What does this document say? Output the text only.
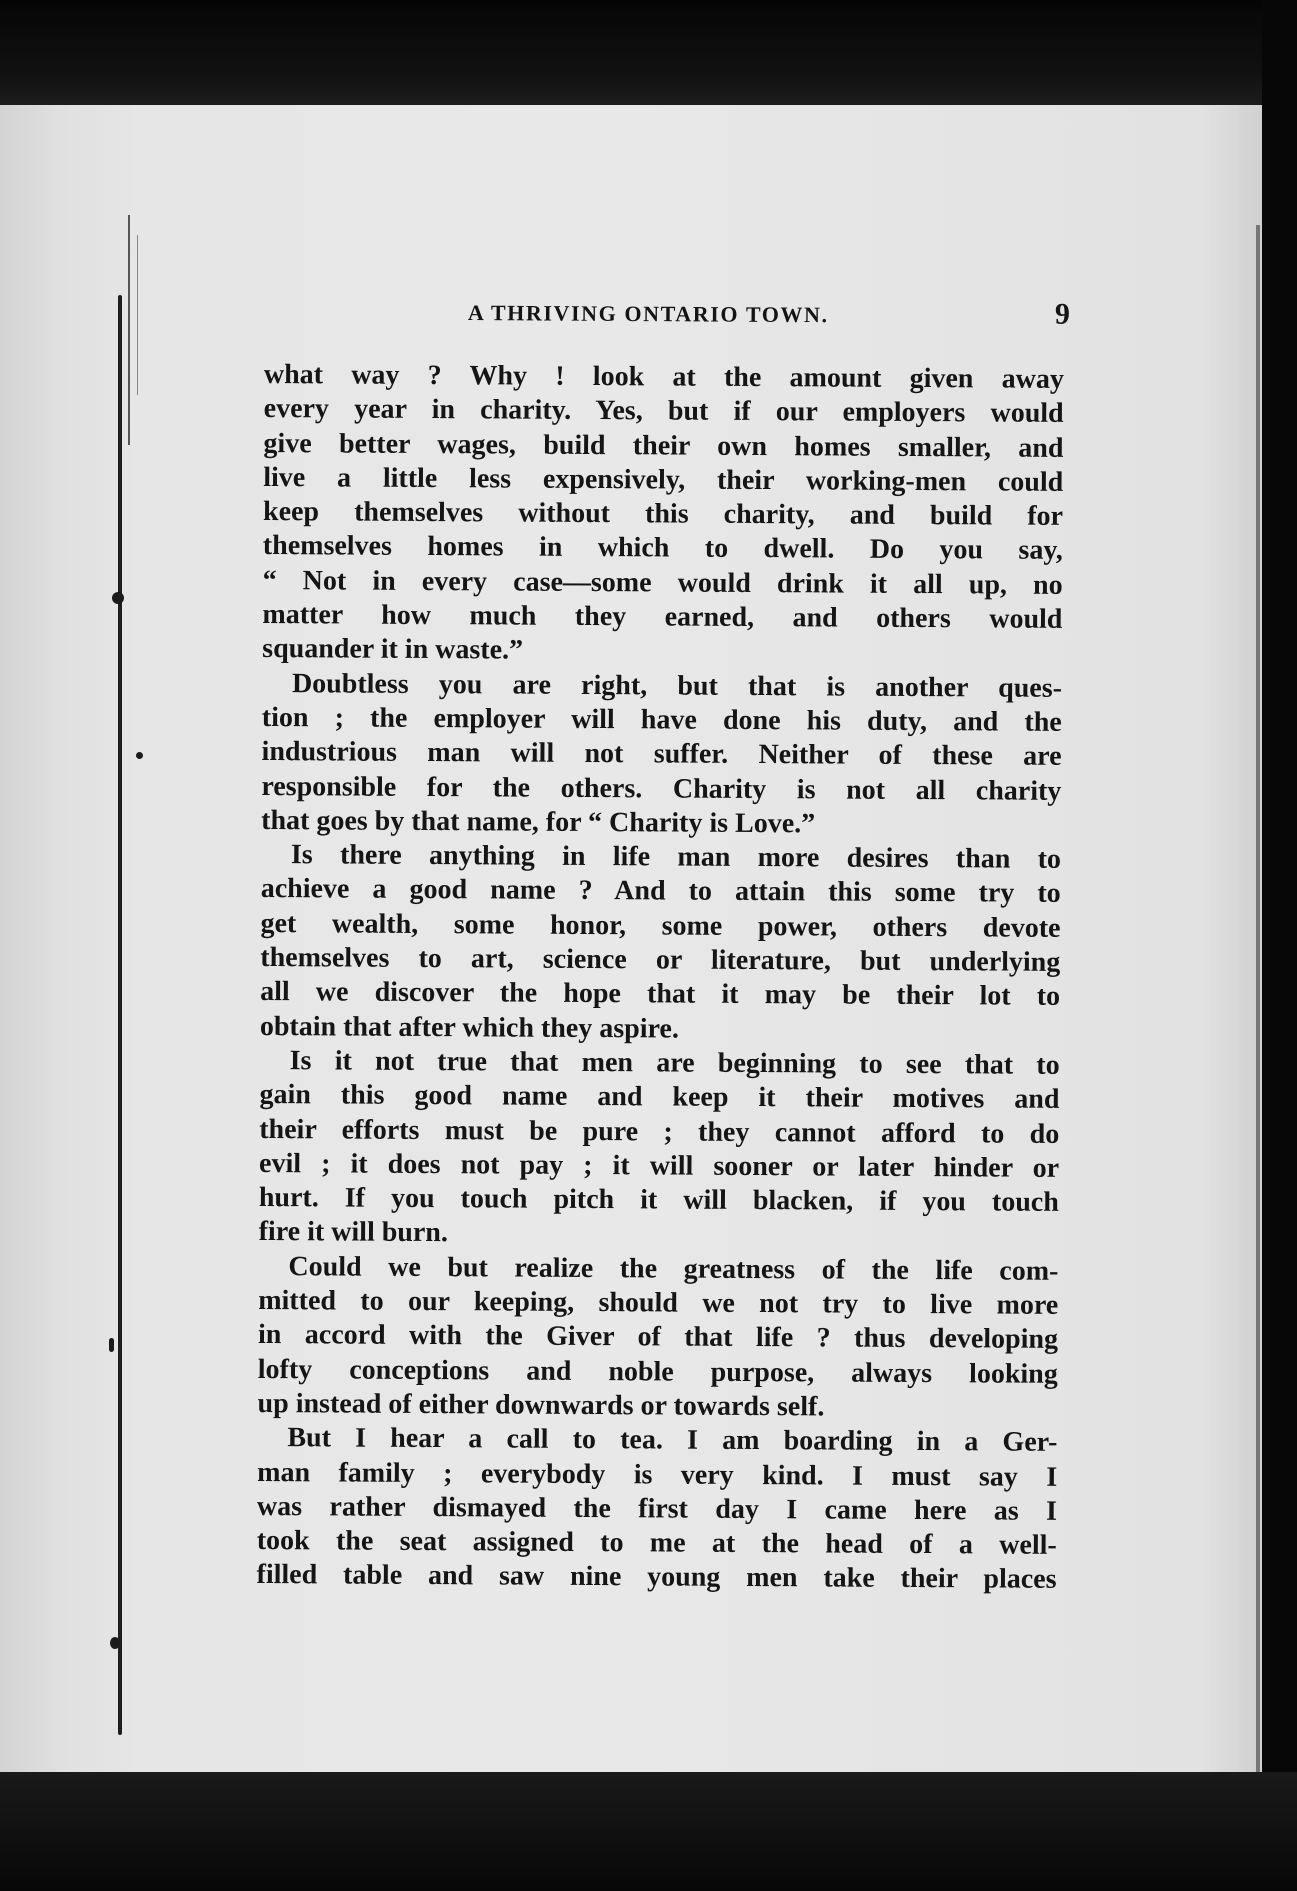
A THRIVING ONTARIO TOWN.	9
what way ? Why ! look at the amount given away
every year in charity. Yes, but if our employers would
give better wages, build their own homes smaller, and
live a little less expensively, their working-men could
keep themselves without this charity, and build for
themselves homes in which to dwell. Do you say,
“ Not in every case—some would drink it all up, no
matter how much they earned, and others would
squander it in waste.”
Doubtless you are right, but that is another ques-
tion ; the employer will have done his duty, and the
industrious man will not suffer. Neither of these are
responsible for the others. Charity is not all charity
that goes by that name, for “ Charity is Love.”
Is there anything in life man more desires than to
achieve a good name ? And to attain this some try to
get wealth, some honor, some power, others devote
themselves to art, science or literature, but underlying
all we discover the hope that it may be their lot to
obtain that after which they aspire.
Is it not true that men are beginning to see that to
gain this good name and keep it their motives and
their efforts must be pure ; they cannot afford to do
evil ; it does not pay ; it will sooner or later hinder or
hurt. If you touch pitch it will blacken, if you touch
fire it will burn.
Could we but realize the greatness of the life com-
mitted to our keeping, should we not try to live more
in accord with the Giver of that life ? thus developing
lofty conceptions and noble purpose, always looking
up instead of either downwards or towards self.
But I hear a call to tea. I am boarding in a Ger-
man family ; everybody is very kind. I must say I
was rather dismayed the first day I came here as I
took the seat assigned to me at the head of a well-
filled table and saw nine young men take their places
